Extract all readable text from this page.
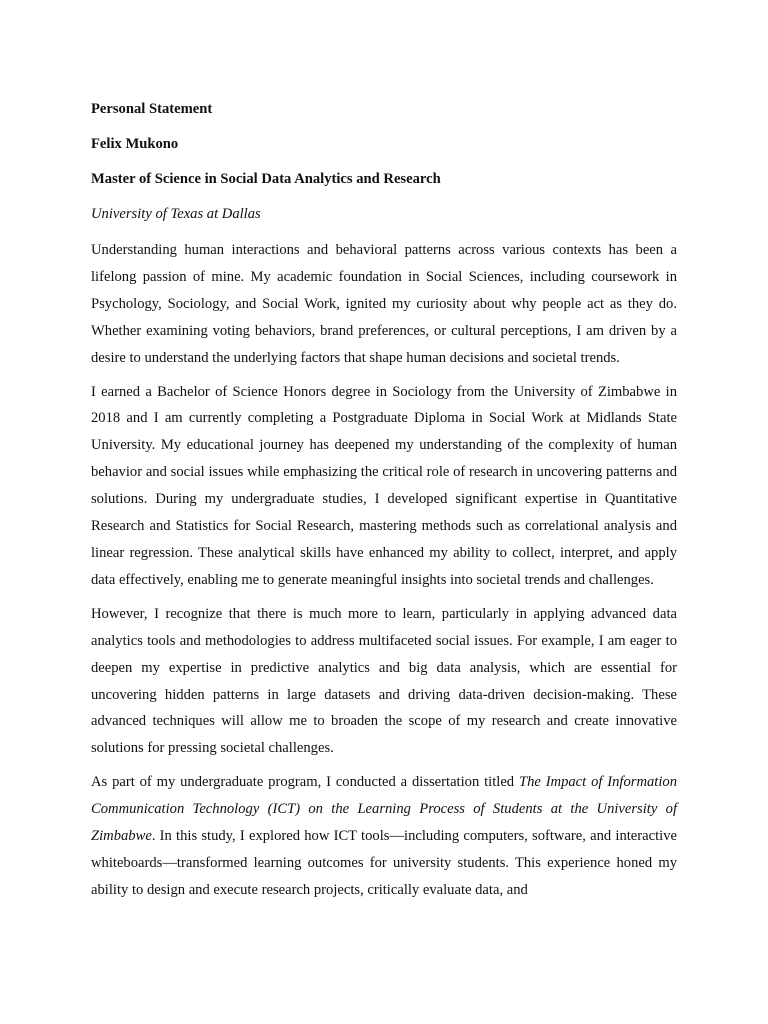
Personal Statement
Felix Mukono
Master of Science in Social Data Analytics and Research
University of Texas at Dallas

Understanding human interactions and behavioral patterns across various contexts has been a lifelong passion of mine. My academic foundation in Social Sciences, including coursework in Psychology, Sociology, and Social Work, ignited my curiosity about why people act as they do. Whether examining voting behaviors, brand preferences, or cultural perceptions, I am driven by a desire to understand the underlying factors that shape human decisions and societal trends.

I earned a Bachelor of Science Honors degree in Sociology from the University of Zimbabwe in 2018 and I am currently completing a Postgraduate Diploma in Social Work at Midlands State University. My educational journey has deepened my understanding of the complexity of human behavior and social issues while emphasizing the critical role of research in uncovering patterns and solutions. During my undergraduate studies, I developed significant expertise in Quantitative Research and Statistics for Social Research, mastering methods such as correlational analysis and linear regression. These analytical skills have enhanced my ability to collect, interpret, and apply data effectively, enabling me to generate meaningful insights into societal trends and challenges.

However, I recognize that there is much more to learn, particularly in applying advanced data analytics tools and methodologies to address multifaceted social issues. For example, I am eager to deepen my expertise in predictive analytics and big data analysis, which are essential for uncovering hidden patterns in large datasets and driving data-driven decision-making. These advanced techniques will allow me to broaden the scope of my research and create innovative solutions for pressing societal challenges.

As part of my undergraduate program, I conducted a dissertation titled The Impact of Information Communication Technology (ICT) on the Learning Process of Students at the University of Zimbabwe. In this study, I explored how ICT tools—including computers, software, and interactive whiteboards—transformed learning outcomes for university students. This experience honed my ability to design and execute research projects, critically evaluate data, and
